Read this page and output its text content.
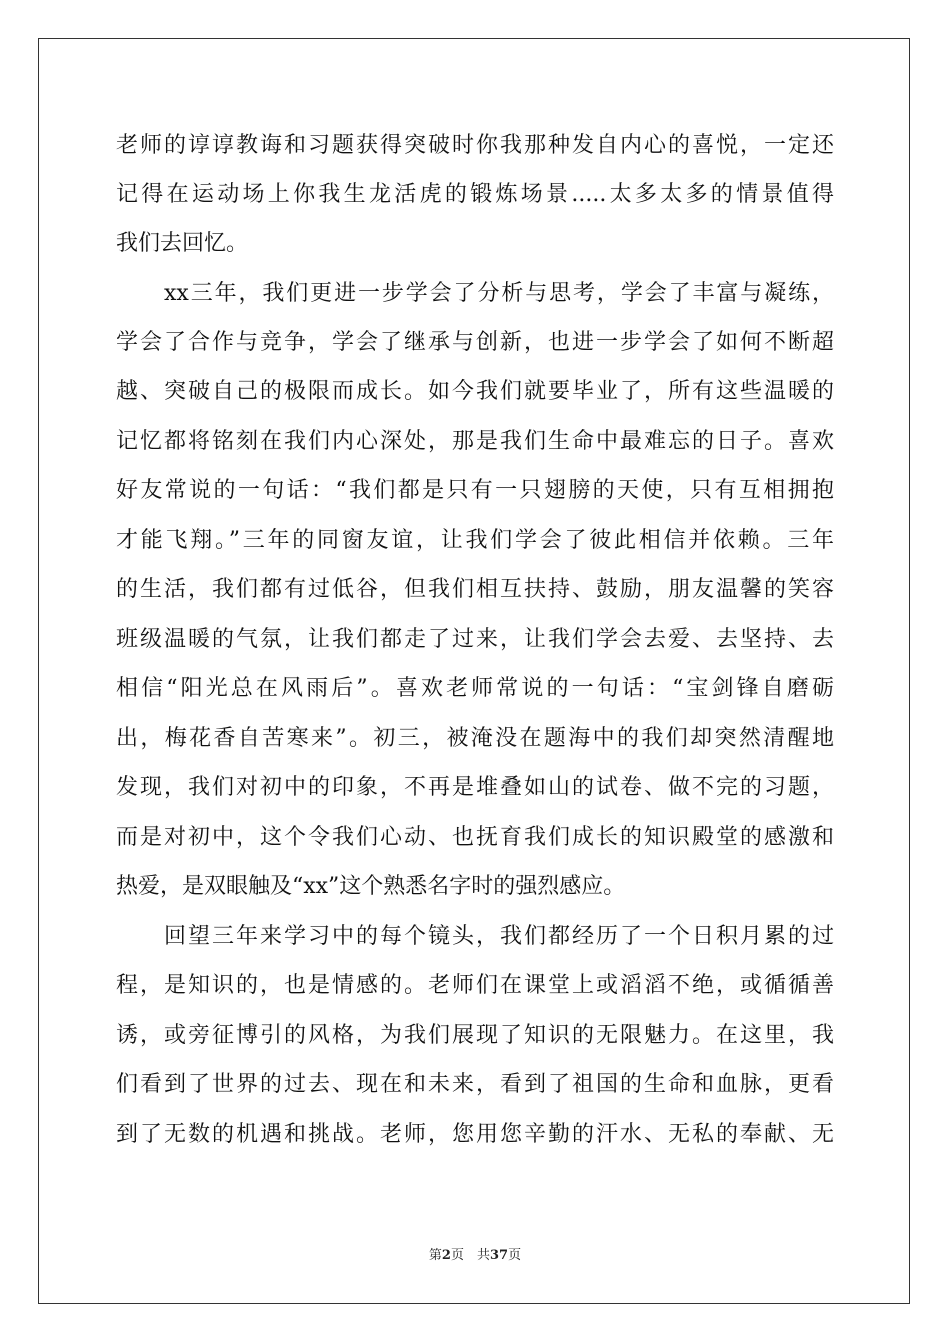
老师的谆谆教诲和习题获得突破时你我那种发自内心的喜悦，一定还
记得在运动场上你我生龙活虎的锻炼场景.....太多太多的情景值得
我们去回忆。
xx三年，我们更进一步学会了分析与思考，学会了丰富与凝练，
学会了合作与竞争，学会了继承与创新，也进一步学会了如何不断超
越、突破自己的极限而成长。如今我们就要毕业了，所有这些温暖的
记忆都将铭刻在我们内心深处，那是我们生命中最难忘的日子。喜欢
好友常说的一句话：“我们都是只有一只翅膀的天使，只有互相拥抱
才能飞翔。”三年的同窗友谊，让我们学会了彼此相信并依赖。三年
的生活，我们都有过低谷，但我们相互扶持、鼓励，朋友温馨的笑容
班级温暖的气氛，让我们都走了过来，让我们学会去爱、去坚持、去
相信“阳光总在风雨后”。喜欢老师常说的一句话：“宝剑锋自磨砺
出，梅花香自苦寒来”。初三，被淹没在题海中的我们却突然清醒地
发现，我们对初中的印象，不再是堆叠如山的试卷、做不完的习题，
而是对初中，这个令我们心动、也抚育我们成长的知识殿堂的感激和
热爱，是双眼触及“xx”这个熟悉名字时的强烈感应。
回望三年来学习中的每个镜头，我们都经历了一个日积月累的过
程，是知识的，也是情感的。老师们在课堂上或滔滔不绝，或循循善
诱，或旁征博引的风格，为我们展现了知识的无限魅力。在这里，我
们看到了世界的过去、现在和未来，看到了祖国的生命和血脉，更看
到了无数的机遇和挑战。老师，您用您辛勤的汗水、无私的奉献、无
第2页　共37页
